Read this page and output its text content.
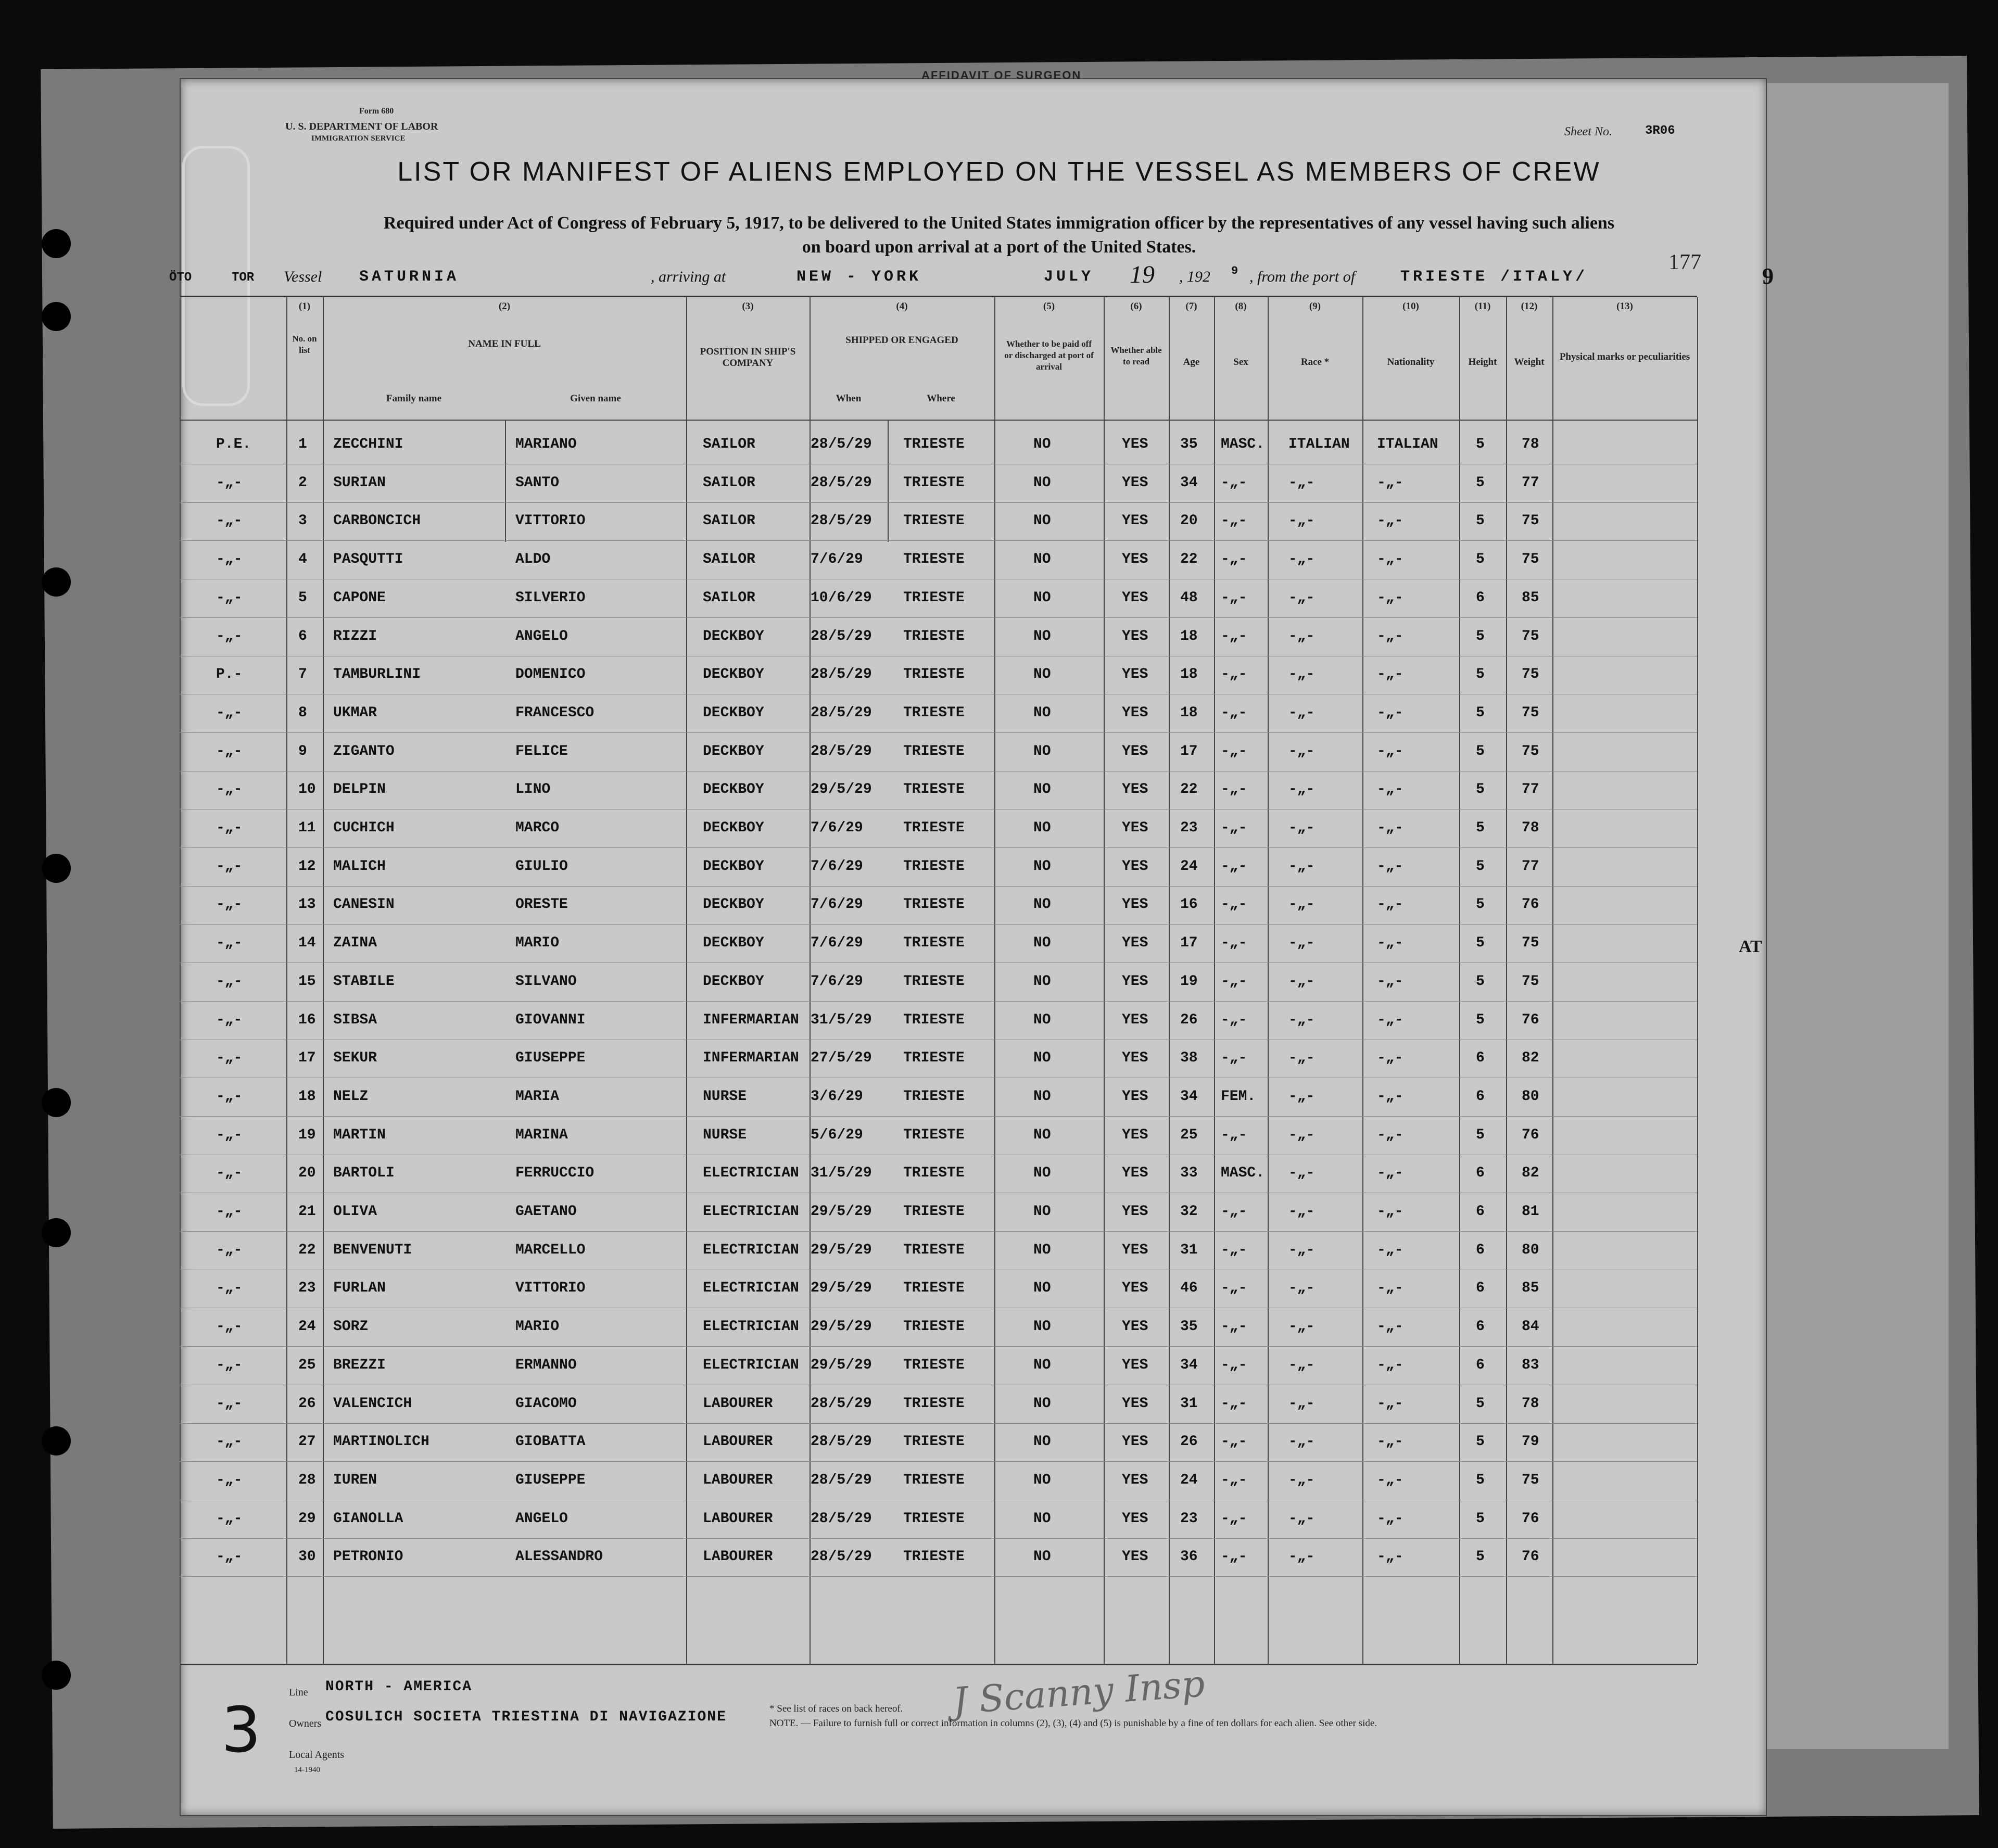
AFFIDAVIT OF SURGEON
Form 680
U. S. DEPARTMENT OF LABOR
IMMIGRATION SERVICE	Sheet No.	3R06
LIST OR MANIFEST OF ALIENS EMPLOYED ON THE VESSEL AS MEMBERS OF CREW
Required under Act of Congress of February 5, 1917, to be delivered to the United States immigration officer by the representatives of any vessel having such aliens
on board upon arrival at a port of the United States.
Vessel SATURNIA	, arriving at	NEW - YORK	JULY 19 , 192 9 , from the port of	TRIESTE /ITALY/
177
ÖTO	TOR	9
AT
(1)
No. on list
(2)
NAME IN FULL
Family name	Given name
(3)
POSITION IN SHIP'S COMPANY
(4)
SHIPPED OR ENGAGED
When	Where
(5)
Whether to be paid off or discharged at port of arrival
(6)
Whether able to read
(7)
Age
(8)
Sex
(9)
Race *
(10)
Nationality
(11)
Height
(12)
Weight
(13)
Physical marks or peculiarities
P.E.	1 ZECCHINI	MARIANO	SAILOR	28/5/29 TRIESTE	NO	YES 35 MASC. ITALIAN ITALIAN	5	78
-„-	2 SURIAN	SANTO	SAILOR	28/5/29 TRIESTE	NO	YES 34 -„-	-„-	-„-	5	77
-„-	3 CARBONCICH	VITTORIO	SAILOR	28/5/29 TRIESTE	NO	YES 20 -„-	-„-	-„-	5	75
-„-	4 PASQUTTI	ALDO	SAILOR	7/6/29	TRIESTE	NO	YES 22 -„-	-„-	-„-	5	75
-„-	5 CAPONE	SILVERIO	SAILOR	10/6/29 TRIESTE	NO	YES 48 -„-	-„-	-„-	6	85
-„-	6 RIZZI	ANGELO	DECKBOY	28/5/29 TRIESTE	NO	YES 18 -„-	-„-	-„-	5	75
P.-	7 TAMBURLINI	DOMENICO	DECKBOY	28/5/29 TRIESTE	NO	YES 18 -„-	-„-	-„-	5	75
-„-	8 UKMAR	FRANCESCO	DECKBOY	28/5/29 TRIESTE	NO	YES 18 -„-	-„-	-„-	5	75
-„-	9 ZIGANTO	FELICE	DECKBOY	28/5/29 TRIESTE	NO	YES 17 -„-	-„-	-„-	5	75
-„-	10 DELPIN	LINO	DECKBOY	29/5/29 TRIESTE	NO	YES 22 -„-	-„-	-„-	5	77
-„-	11 CUCHICH	MARCO	DECKBOY	7/6/29	TRIESTE	NO	YES 23 -„-	-„-	-„-	5	78
-„-	12 MALICH	GIULIO	DECKBOY	7/6/29	TRIESTE	NO	YES 24 -„-	-„-	-„-	5	77
-„-	13 CANESIN	ORESTE	DECKBOY	7/6/29	TRIESTE	NO	YES 16 -„-	-„-	-„-	5	76
-„-	14 ZAINA	MARIO	DECKBOY	7/6/29	TRIESTE	NO	YES 17 -„-	-„-	-„-	5	75
-„-	15 STABILE	SILVANO	DECKBOY	7/6/29	TRIESTE	NO	YES 19 -„-	-„-	-„-	5	75
-„-	16 SIBSA	GIOVANNI	INFERMARIAN 31/5/29 TRIESTE	NO	YES 26 -„-	-„-	-„-	5	76
-„-	17 SEKUR	GIUSEPPE	INFERMARIAN 27/5/29 TRIESTE	NO	YES 38 -„-	-„-	-„-	6	82
-„-	18 NELZ	MARIA	NURSE	3/6/29	TRIESTE	NO	YES 34 FEM. -„-	-„-	6	80
-„-	19 MARTIN	MARINA	NURSE	5/6/29	TRIESTE	NO	YES 25 -„-	-„-	-„-	5	76
-„-	20 BARTOLI	FERRUCCIO	ELECTRICIAN 31/5/29 TRIESTE	NO	YES 33 MASC. -„-	-„-	6	82
-„-	21 OLIVA	GAETANO	ELECTRICIAN 29/5/29 TRIESTE	NO	YES 32 -„-	-„-	-„-	6	81
-„-	22 BENVENUTI	MARCELLO	ELECTRICIAN 29/5/29 TRIESTE	NO	YES 31 -„-	-„-	-„-	6	80
-„-	23 FURLAN	VITTORIO	ELECTRICIAN 29/5/29 TRIESTE	NO	YES 46 -„-	-„-	-„-	6	85
-„-	24 SORZ	MARIO	ELECTRICIAN 29/5/29 TRIESTE	NO	YES 35 -„-	-„-	-„-	6	84
-„-	25 BREZZI	ERMANNO	ELECTRICIAN 29/5/29 TRIESTE	NO	YES 34 -„-	-„-	-„-	6	83
-„-	26 VALENCICH	GIACOMO	LABOURER	28/5/29 TRIESTE	NO	YES 31 -„-	-„-	-„-	5	78
-„-	27 MARTINOLICH	GIOBATTA	LABOURER	28/5/29 TRIESTE	NO	YES 26 -„-	-„-	-„-	5	79
-„-	28 IUREN	GIUSEPPE	LABOURER	28/5/29 TRIESTE	NO	YES 24 -„-	-„-	-„-	5	75
-„-	29 GIANOLLA	ANGELO	LABOURER	28/5/29 TRIESTE	NO	YES 23 -„-	-„-	-„-	5	76
-„-	30 PETRONIO	ALESSANDRO	LABOURER	28/5/29 TRIESTE	NO	YES 36 -„-	-„-	-„-	5	76
3
J Scanny Insp
Line NORTH - AMERICA
Owners COSULICH SOCIETA TRIESTINA DI NAVIGAZIONE
Local Agents
14-1940
* See list of races on back hereof.
NOTE. — Failure to furnish full or correct information in columns (2), (3), (4) and (5) is punishable by a fine of ten dollars for each alien. See other side.
